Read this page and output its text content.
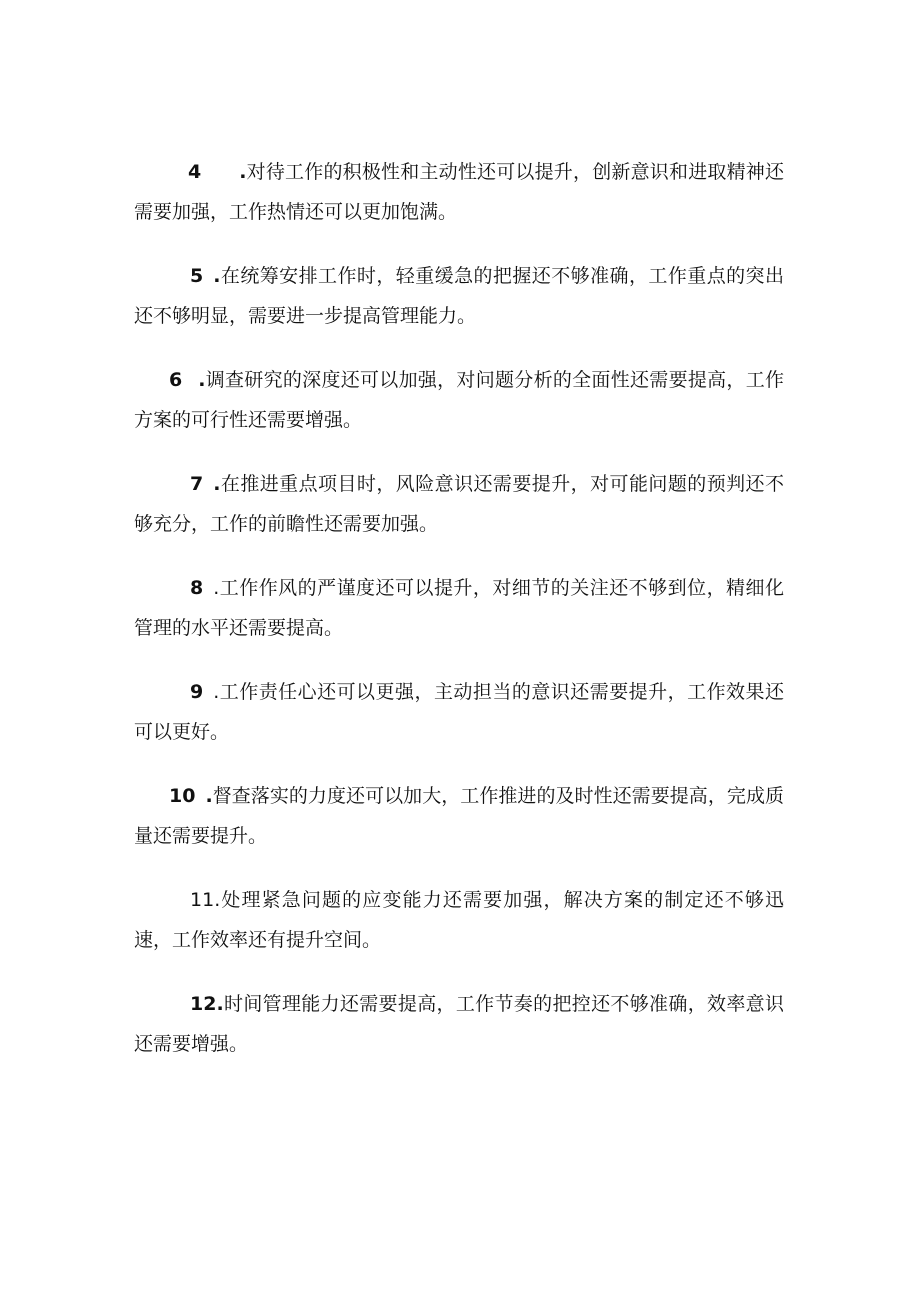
4 .对待工作的积极性和主动性还可以提升，创新意识和进取精神还需要加强，工作热情还可以更加饱满。

5 .在统筹安排工作时，轻重缓急的把握还不够准确，工作重点的突出还不够明显，需要进一步提高管理能力。

6 .调查研究的深度还可以加强，对问题分析的全面性还需要提高，工作方案的可行性还需要增强。

7 .在推进重点项目时，风险意识还需要提升，对可能问题的预判还不够充分，工作的前瞻性还需要加强。

8 .工作作风的严谨度还可以提升，对细节的关注还不够到位，精细化管理的水平还需要提高。

9 .工作责任心还可以更强，主动担当的意识还需要提升，工作效果还可以更好。

10 .督查落实的力度还可以加大，工作推进的及时性还需要提高，完成质量还需要提升。

11.处理紧急问题的应变能力还需要加强，解决方案的制定还不够迅速，工作效率还有提升空间。

12.时间管理能力还需要提高，工作节奏的把控还不够准确，效率意识还需要增强。
